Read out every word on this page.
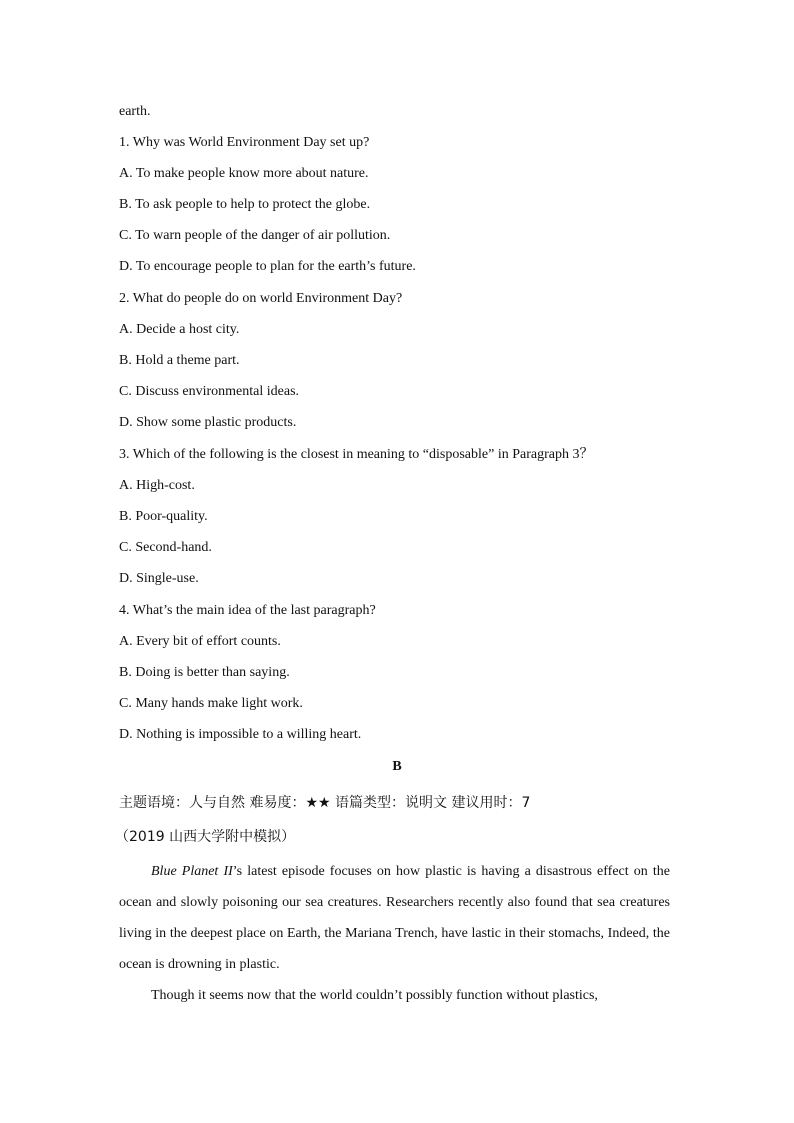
earth.
1. Why was World Environment Day set up?
A. To make people know more about nature.
B. To ask people to help to protect the globe.
C. To warn people of the danger of air pollution.
D. To encourage people to plan for the earth’s future.
2. What do people do on world Environment Day?
A. Decide a host city.
B. Hold a theme part.
C. Discuss environmental ideas.
D. Show some plastic products.
3. Which of the following is the closest in meaning to “disposable” in Paragraph 3？
A. High-cost.
B. Poor-quality.
C. Second-hand.
D. Single-use.
4. What’s the main idea of the last paragraph?
A. Every bit of effort counts.
B. Doing is better than saying.
C. Many hands make light work.
D. Nothing is impossible to a willing heart.
B
主题语境：人与自然 难易度：★★ 语篇类型：说明文 建议用时：7
（2019 山西大学附中模拟）

Blue Planet II’s latest episode focuses on how plastic is having a disastrous effect on the ocean and slowly poisoning our sea creatures. Researchers recently also found that sea creatures living in the deepest place on Earth, the Mariana Trench, have lastic in their stomachs, Indeed, the ocean is drowning in plastic.

Though it seems now that the world couldn’t possibly function without plastics,
